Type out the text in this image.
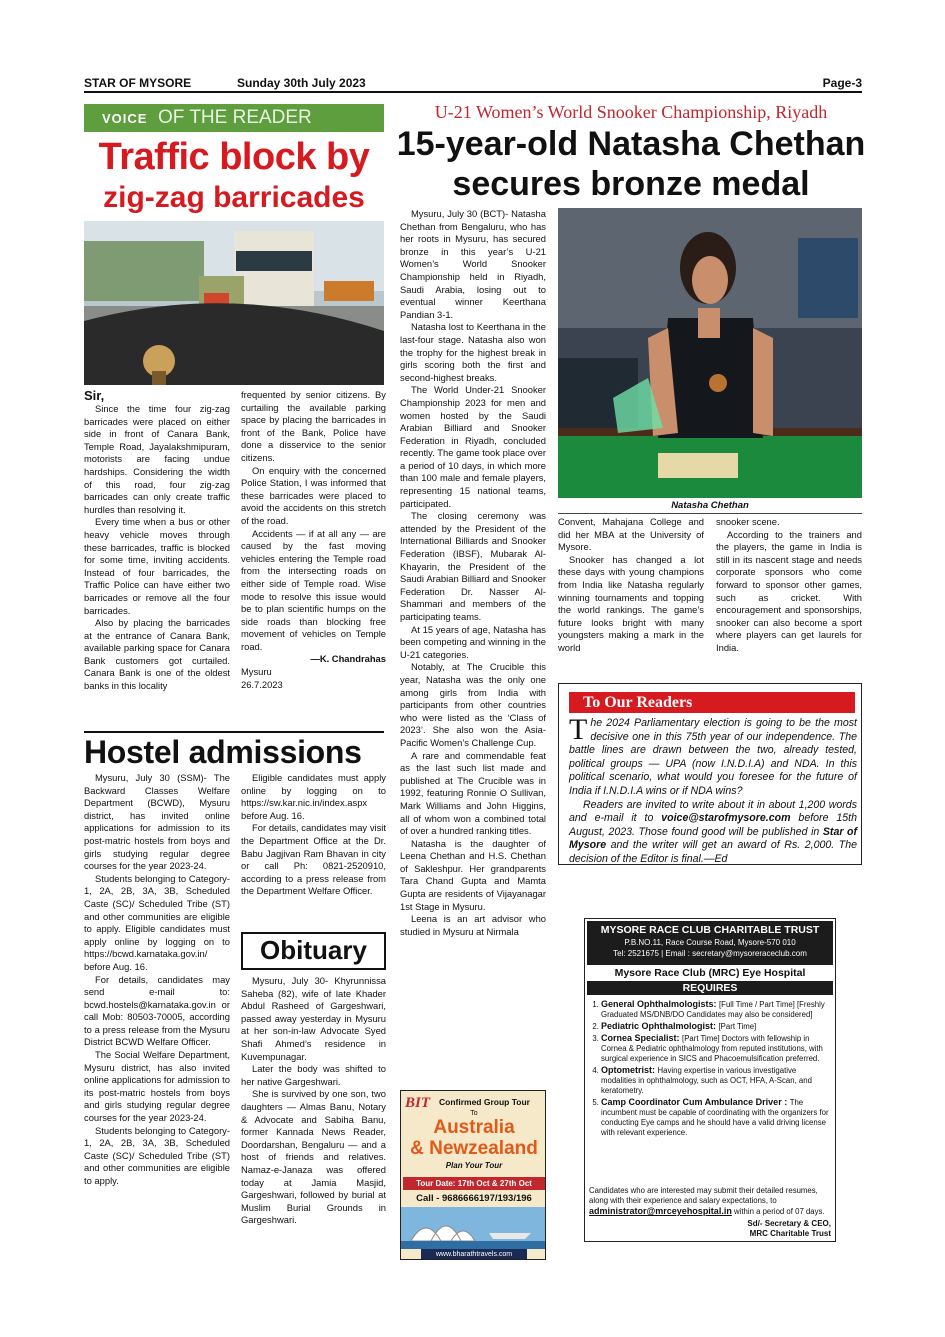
STAR OF MYSORE	Sunday 30th July 2023	Page-3
VOICE OF THE READER
Traffic block by
zig-zag barricades
Sir,

Since the time four zig-zag barricades were placed on either side in front of Canara Bank, Temple Road, Jayalakshmipuram, motorists are facing undue hardships. Considering the width of this road, four zig-zag barricades can only create traffic hurdles than resolving it.

Every time when a bus or other heavy vehicle moves through these barricades, traffic is blocked for some time, inviting accidents. Instead of four barricades, the Traffic Police can have either two barricades or remove all the four barricades.

Also by placing the barricades at the entrance of Canara Bank, available parking space for Canara Bank customers got curtailed. Canara Bank is one of the oldest banks in this locality

frequented by senior citizens. By curtailing the available parking space by placing the barricades in front of the Bank, Police have done a disservice to the senior citizens.

On enquiry with the concerned Police Station, I was informed that these barricades were placed to avoid the accidents on this stretch of the road.

Accidents — if at all any — are caused by the fast moving vehicles entering the Temple road from the intersecting roads on either side of Temple road. Wise mode to resolve this issue would be to plan scientific humps on the side roads than blocking free movement of vehicles on Temple road.

—K. Chandrahas
Mysuru
26.7.2023
Hostel admissions

Mysuru, July 30 (SSM)- The Backward Classes Welfare Department (BCWD), Mysuru district, has invited online applications for admission to its post-matric hostels from boys and girls studying regular degree courses for the year 2023-24.

Students belonging to Category-1, 2A, 2B, 3A, 3B, Scheduled Caste (SC)/ Scheduled Tribe (ST) and other communities are eligible to apply. Eligible candidates must apply online by logging on to https://bcwd.karnataka.gov.in/ before Aug. 16.

For details, candidates may send e-mail to: bcwd.hostels@karnataka.gov.in or call Mob: 80503-70005, according to a press release from the Mysuru District BCWD Welfare Officer.

The Social Welfare Department, Mysuru district, has also invited online applications for admission to its post-matric hostels from boys and girls studying regular degree courses for the year 2023-24.

Students belonging to Category-1, 2A, 2B, 3A, 3B, Scheduled Caste (SC)/ Scheduled Tribe (ST) and other communities are eligible to apply.

Eligible candidates must apply online by logging on to https://sw.kar.nic.in/index.aspx before Aug. 16.

For details, candidates may visit the Department Office at the Dr. Babu Jagjivan Ram Bhavan in city or call Ph: 0821-2520910, according to a press release from the Department Welfare Officer.

Obituary

Mysuru, July 30- Khyrunnissa Saheba (82), wife of late Khader Abdul Rasheed of Gargeshwari, passed away yesterday in Mysuru at her son-in-law Advocate Syed Shafi Ahmed’s residence in Kuvempunagar.

Later the body was shifted to her native Gargeshwari.

She is survived by one son, two daughters — Almas Banu, Notary & Advocate and Sabiha Banu, former Kannada News Reader, Doordarshan, Bengaluru — and a host of friends and relatives. Namaz-e-Janaza was offered today at Jamia Masjid, Gargeshwari, followed by burial at Muslim Burial Grounds in Gargeshwari.

U-21 Women’s World Snooker Championship, Riyadh
15-year-old Natasha Chethan
secures bronze medal

Mysuru, July 30 (BCT)- Natasha Chethan from Bengaluru, who has her roots in Mysuru, has secured bronze in this year’s U-21 Women’s World Snooker Championship held in Riyadh, Saudi Arabia, losing out to eventual winner Keerthana Pandian 3-1.

Natasha lost to Keerthana in the last-four stage. Natasha also won the trophy for the highest break in girls scoring both the first and second-highest breaks.

The World Under-21 Snooker Championship 2023 for men and women hosted by the Saudi Arabian Billiard and Snooker Federation in Riyadh, concluded recently. The game took place over a period of 10 days, in which more than 100 male and female players, representing 15 national teams, participated.

The closing ceremony was attended by the President of the International Billiards and Snooker Federation (IBSF), Mubarak Al-Khayarin, the President of the Saudi Arabian Billiard and Snooker Federation Dr. Nasser Al-Shammari and members of the participating teams.

At 15 years of age, Natasha has been competing and winning in the U-21 categories.

Notably, at The Crucible this year, Natasha was the only one among girls from India with participants from other countries who were listed as the ‘Class of 2023’. She also won the Asia-Pacific Women’s Challenge Cup.

A rare and commendable feat as the last such list made and published at The Crucible was in 1992, featuring Ronnie O Sullivan, Mark Williams and John Higgins, all of whom won a combined total of over a hundred ranking titles.

Natasha is the daughter of Leena Chethan and H.S. Chethan of Sakleshpur. Her grandparents Tara Chand Gupta and Mamta Gupta are residents of Vijayanagar 1st Stage in Mysuru.

Leena is an art advisor who studied in Mysuru at Nirmala

Natasha Chethan

Convent, Mahajana College and did her MBA at the University of Mysore.

Snooker has changed a lot these days with young champions from India like Natasha regularly winning tournaments and topping the world rankings. The game’s future looks bright with many youngsters making a mark in the world

snooker scene.

According to the trainers and the players, the game in India is still in its nascent stage and needs corporate sponsors who come forward to sponsor other games, such as cricket. With encouragement and sponsorships, snooker can also become a sport where players can get laurels for India.

To Our Readers
The 2024 Parliamentary election is going to be the most decisive one in this 75th year of our independence. The battle lines are drawn between the two, already tested, political groups — UPA (now I.N.D.I.A) and NDA. In this political scenario, what would you foresee for the future of India if I.N.D.I.A wins or if NDA wins?
Readers are invited to write about it in about 1,200 words and e-mail it to voice@starofmysore.com before 15th August, 2023. Those found good will be published in Star of Mysore and the writer will get an award of Rs. 2,000. The decision of the Editor is final.—Ed
BIT Confirmed Group Tour
To
Australia
& Newzealand
Plan Your Tour
Tour Date: 17th Oct & 27th Oct
Call - 9686666197/193/196
www.bharathtravels.com
MYSORE RACE CLUB CHARITABLE TRUST
P.B.NO.11, Race Course Road, Mysore-570 010
Tel: 2521675 | Email : secretary@mysoreraceclub.com
Mysore Race Club (MRC) Eye Hospital
REQUIRES
1. General Ophthalmologists: [Full Time / Part Time] [Freshly Graduated MS/DNB/DO Candidates may also be considered]
2. Pediatric Ophthalmologist: [Part Time]
3. Cornea Specialist: [Part Time] Doctors with fellowship in Cornea & Pediatric ophthalmology from reputed institutions, with surgical experience in SICS and Phacoemulsification preferred.
4. Optometrist: Having expertise in various investigative modalities in ophthalmology, such as OCT, HFA, A-Scan, and keratometry.
5. Camp Coordinator Cum Ambulance Driver : The incumbent must be capable of coordinating with the organizers for conducting Eye camps and he should have a valid driving license with relevant experience.
Candidates who are interested may submit their detailed resumes, along with their experience and salary expectations, to administrator@mrceyehospital.in within a period of 07 days.
Sd/- Secretary & CEO,
MRC Charitable Trust
